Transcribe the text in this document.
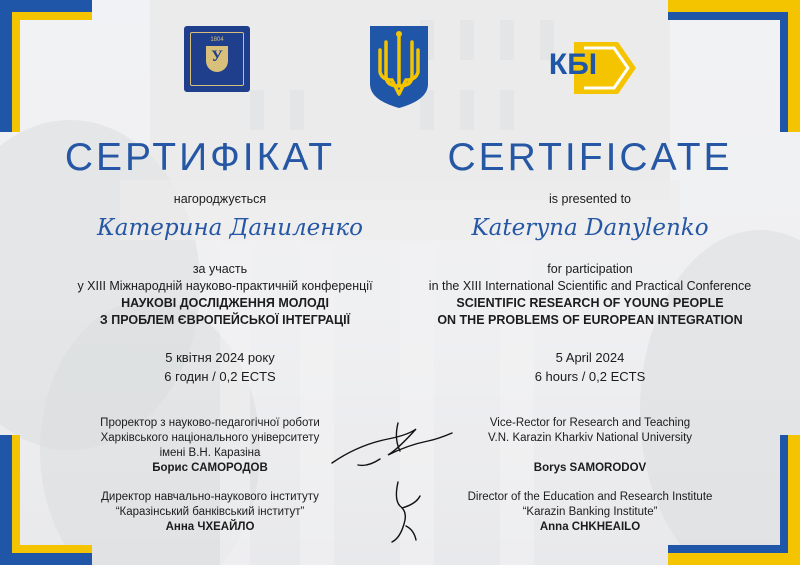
1804
У	КБІ
СЕРТИФІКАТ
нагороджується
Катерина Даниленко
за участь
у XIII Міжнародній науково-практичній конференції
НАУКОВІ ДОСЛІДЖЕННЯ МОЛОДІ
З ПРОБЛЕМ ЄВРОПЕЙСЬКОЇ ІНТЕГРАЦІЇ
5 квітня 2024 року
6 годин / 0,2 ECTS
Проректор з науково-педагогічної роботи
Харківського національного університету
імені В.Н. Каразіна
Борис САМОРОДОВ
Директор навчально-наукового інституту
“Каразінський банківський інститут”
Анна ЧХЕАЙЛО
CERTIFICATE
is presented to
Kateryna Danylenko
for participation
in the XIII International Scientific and Practical Conference
SCIENTIFIC RESEARCH OF YOUNG PEOPLE
ON THE PROBLEMS OF EUROPEAN INTEGRATION
5 April 2024
6 hours / 0,2 ECTS
Vice-Rector for Research and Teaching
V.N. Karazin Kharkiv National University
Borys SAMORODOV
Director of the Education and Research Institute
“Karazin Banking Institute”
Anna CHKHEAILO
